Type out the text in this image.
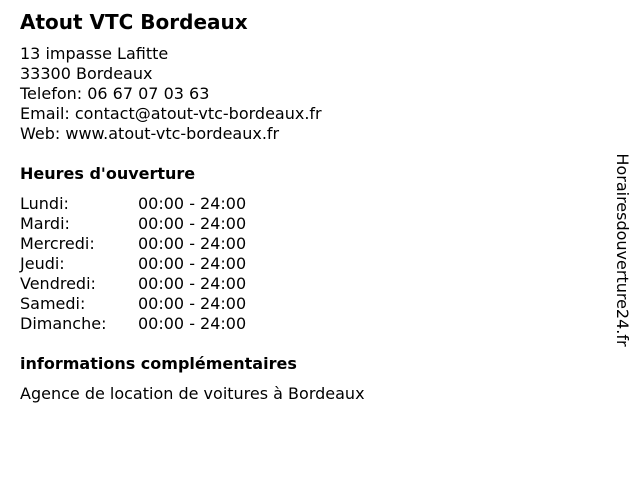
Atout VTC Bordeaux
13 impasse Lafitte
33300 Bordeaux
Telefon: 06 67 07 03 63
Email: contact@atout-vtc-bordeaux.fr
Web: www.atout-vtc-bordeaux.fr
Heures d'ouverture
Lundi:	00:00 - 24:00
Mardi:	00:00 - 24:00
Mercredi:	00:00 - 24:00
Jeudi:	00:00 - 24:00
Vendredi:	00:00 - 24:00
Samedi:	00:00 - 24:00
Dimanche:	00:00 - 24:00
informations complémentaires
Agence de location de voitures à Bordeaux
Horairesdouverture24.fr
